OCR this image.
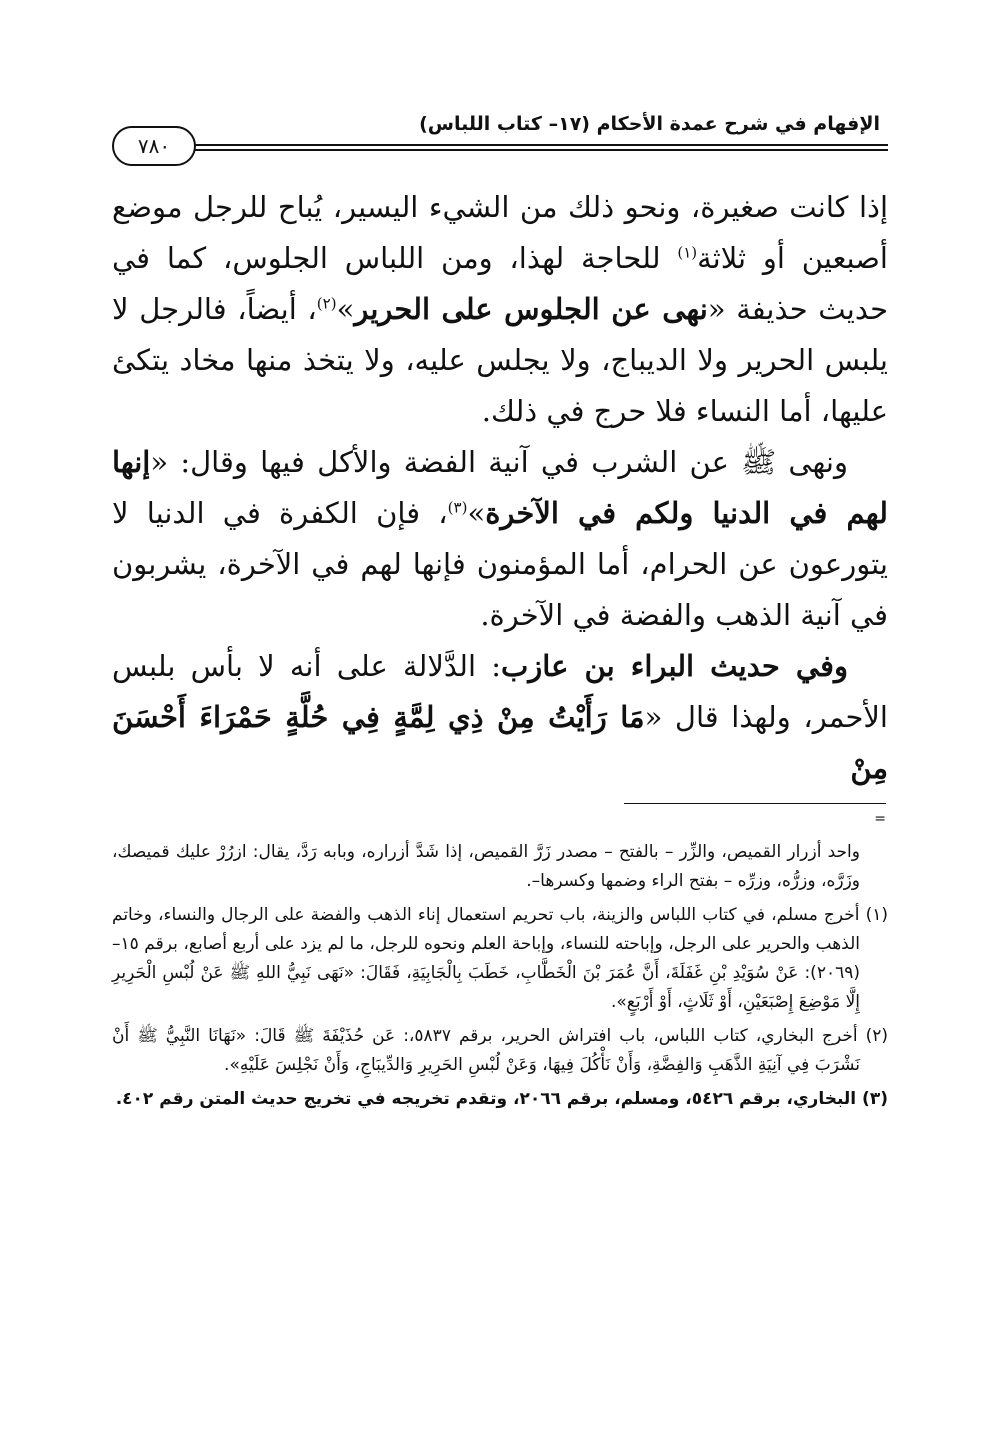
الإفهام في شرح عمدة الأحكام (١٧– كتاب اللباس)
٧٨٠

إذا كانت صغيرة، ونحو ذلك من الشيء اليسير، يُباح للرجل موضع أصبعين أو ثلاثة$^{(١)}$ للحاجة لهذا، ومن اللباس الجلوس، كما في حديث حذيفة «نهى عن الجلوس على الحرير»$^{(٢)}$، أيضاً، فالرجل لا يلبس الحرير ولا الديباج، ولا يجلس عليه، ولا يتخذ منها مخاد يتكئ عليها، أما النساء فلا حرج في ذلك.

ونهى ﷺ عن الشرب في آنية الفضة والأكل فيها وقال: «إنها لهم في الدنيا ولكم في الآخرة»$^{(٣)}$، فإن الكفرة في الدنيا لا يتورعون عن الحرام، أما المؤمنون فإنها لهم في الآخرة، يشربون في آنية الذهب والفضة في الآخرة.

وفي حديث البراء بن عازب: الدَّلالة على أنه لا بأس بلبس الأحمر، ولهذا قال «مَا رَأَيْتُ مِنْ ذِي لِمَّةٍ فِي حُلَّةٍ حَمْرَاءَ أَحْسَنَ مِنْ

=

واحد أزرار القميص، والزِّر – بالفتح – مصدر زَرَّ القميص، إذا شَدَّ أزراره، وبابه رَدَّ، يقال: ازرُرْ عليك قميصك، وزَرَّه، وزرُّه، وزرِّه – بفتح الراء وضمها وكسرها–.

(١) أخرج مسلم، في كتاب اللباس والزينة، باب تحريم استعمال إناء الذهب والفضة على الرجال والنساء، وخاتم الذهب والحرير على الرجل، وإباحته للنساء، وإباحة العلم ونحوه للرجل، ما لم يزد على أربع أصابع، برقم ١٥–(٢٠٦٩): عَنْ سُوَيْدِ بْنِ غَفَلَةَ، أَنَّ عُمَرَ بْنَ الْخَطَّابِ، خَطَبَ بِالْجَابِيَةِ، فَقَالَ: «نَهَى نَبِيُّ اللهِ ﷺ عَنْ لُبْسِ الْحَرِيرِ إِلَّا مَوْضِعَ إِصْبَعَيْنِ، أَوْ ثَلَاثٍ، أَوْ أَرْبَعٍ».

(٢) أخرج البخاري، كتاب اللباس، باب افتراش الحرير، برقم ٥٨٣٧،: عَن حُذَيْفَةَ ﷺ قَالَ: «نَهَانَا النَّبِيُّ ﷺ أَنْ نَشْرَبَ فِي آنِيَةِ الذَّهَبِ وَالفِضَّةِ، وَأَنْ نَأْكُلَ فِيهَا، وَعَنْ لُبْسِ الحَرِيرِ وَالدِّيبَاجِ، وَأَنْ نَجْلِسَ عَلَيْهِ».

(٣) البخاري، برقم ٥٤٢٦، ومسلم، برقم ٢٠٦٦، وتقدم تخريجه في تخريج حديث المتن رقم ٤٠٢.
